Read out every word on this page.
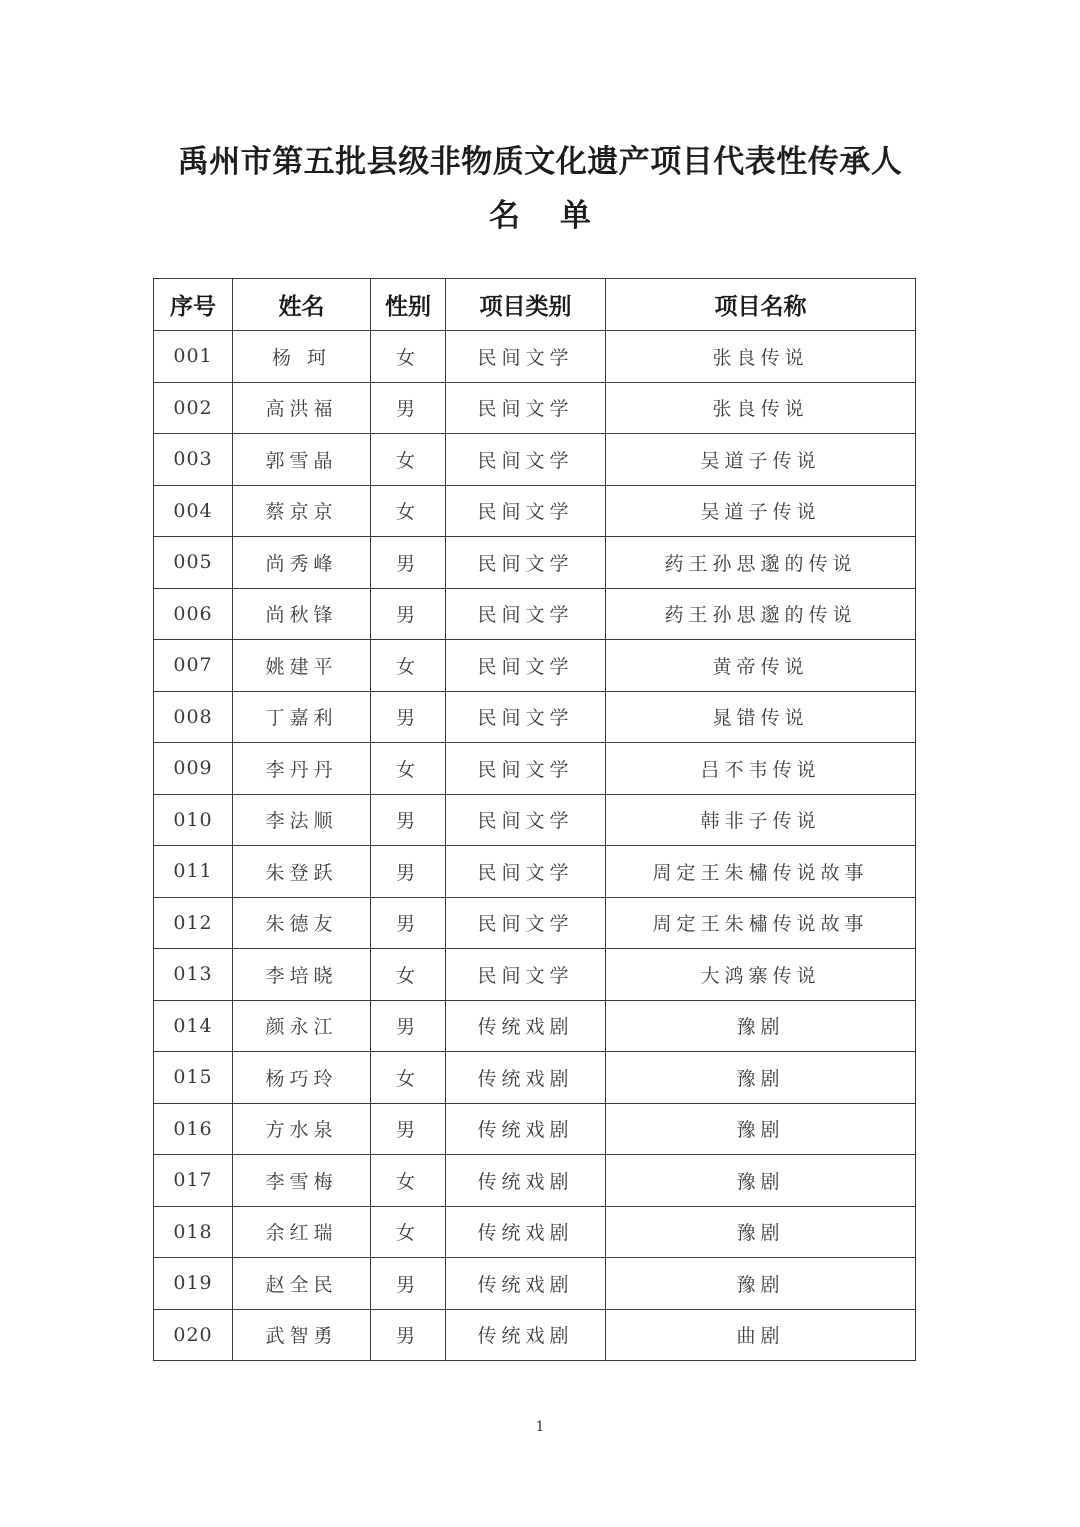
禹州市第五批县级非物质文化遗产项目代表性传承人
名单
序号	姓名	性别	项目类别	项目名称
001	杨 珂	女	民间文学	张良传说
002	高洪福	男	民间文学	张良传说
003	郭雪晶	女	民间文学	吴道子传说
004	蔡京京	女	民间文学	吴道子传说
005	尚秀峰	男	民间文学	药王孙思邈的传说
006	尚秋锋	男	民间文学	药王孙思邈的传说
007	姚建平	女	民间文学	黄帝传说
008	丁嘉利	男	民间文学	晁错传说
009	李丹丹	女	民间文学	吕不韦传说
010	李法顺	男	民间文学	韩非子传说
011	朱登跃	男	民间文学	周定王朱橚传说故事
012	朱德友	男	民间文学	周定王朱橚传说故事
013	李培晓	女	民间文学	大鸿寨传说
014	颜永江	男	传统戏剧	豫剧
015	杨巧玲	女	传统戏剧	豫剧
016	方水泉	男	传统戏剧	豫剧
017	李雪梅	女	传统戏剧	豫剧
018	余红瑞	女	传统戏剧	豫剧
019	赵全民	男	传统戏剧	豫剧
020	武智勇	男	传统戏剧	曲剧
1
